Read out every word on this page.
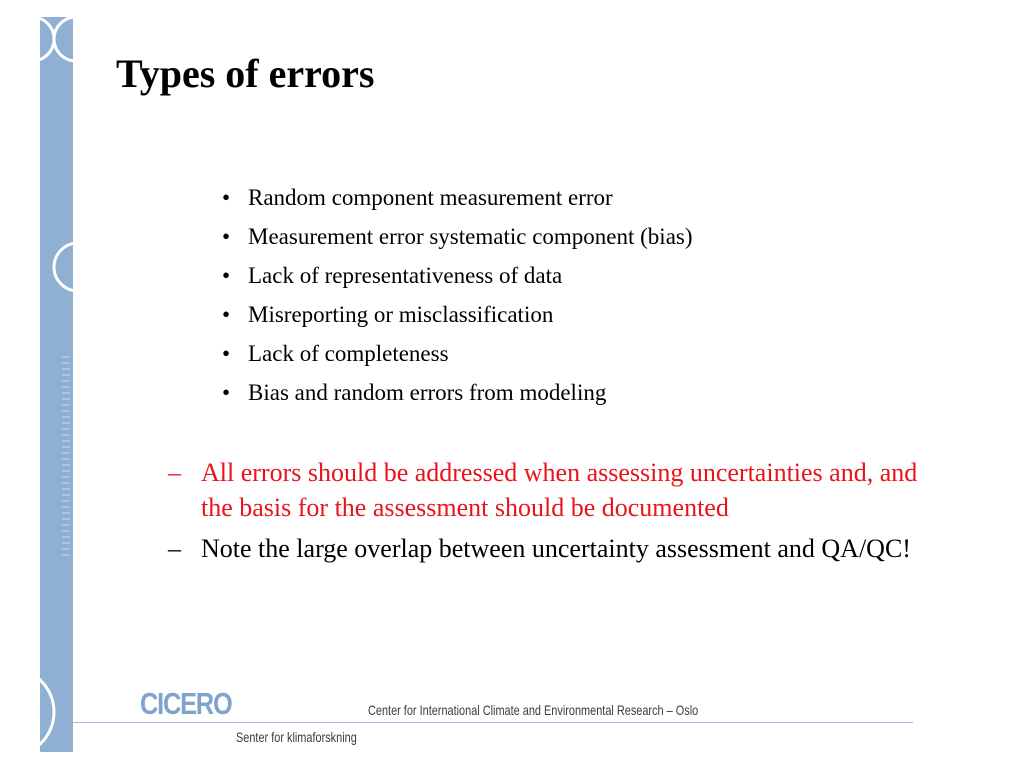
Types of errors
• Random component measurement error
• Measurement error systematic component (bias)
• Lack of representativeness of data
• Misreporting or misclassification
• Lack of completeness
• Bias and random errors from modeling
– All errors should be addressed when assessing uncertainties and, and the basis for the assessment should be documented
– Note the large overlap between uncertainty assessment and QA/QC!
CICERO	Center for International Climate and Environmental Research – Oslo
Senter for klimaforskning
